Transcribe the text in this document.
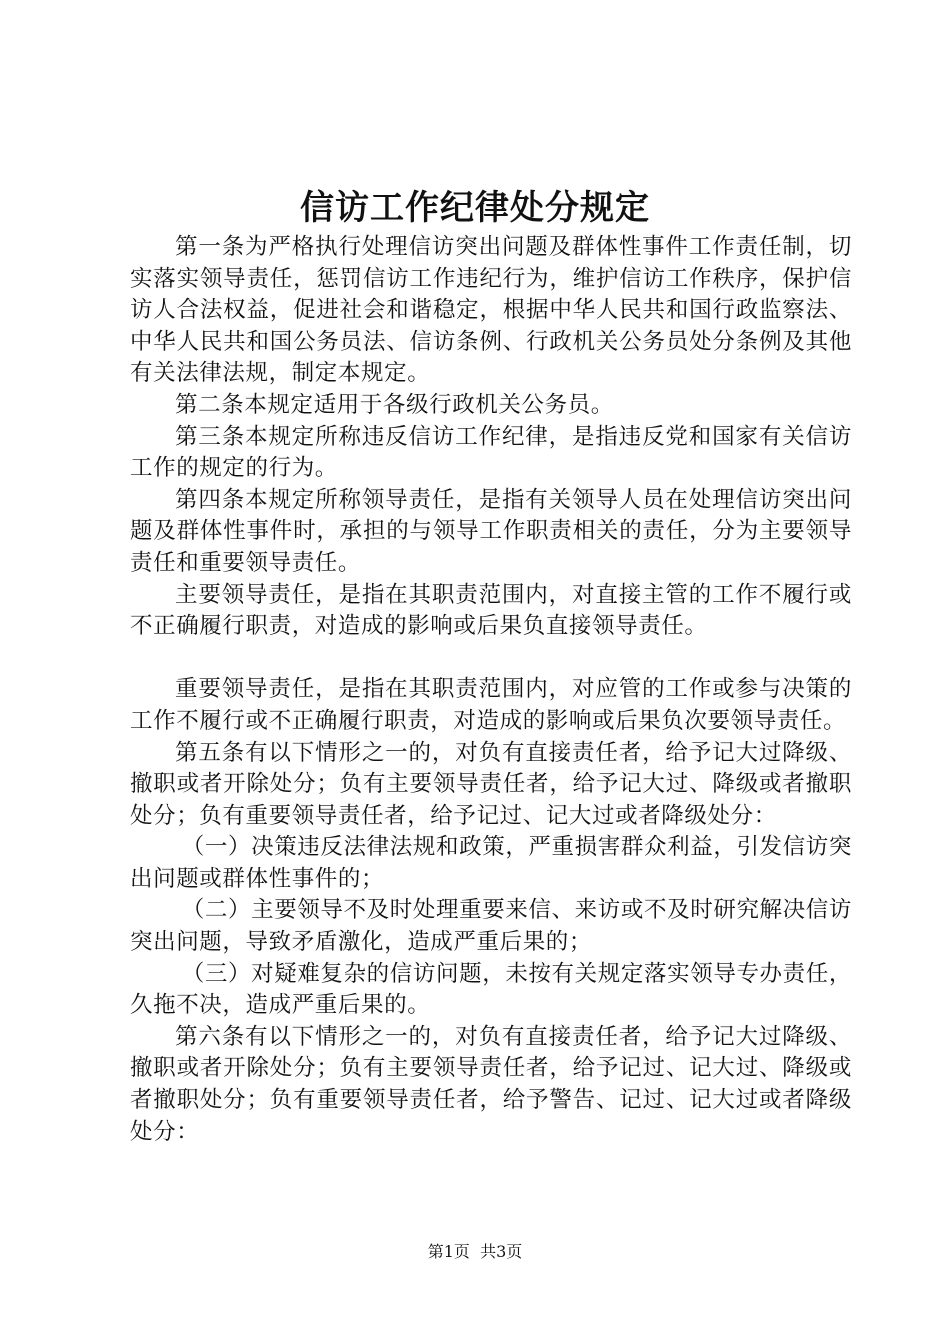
信访工作纪律处分规定

第一条为严格执行处理信访突出问题及群体性事件工作责任制，切实落实领导责任，惩罚信访工作违纪行为，维护信访工作秩序，保护信访人合法权益，促进社会和谐稳定，根据中华人民共和国行政监察法、中华人民共和国公务员法、信访条例、行政机关公务员处分条例及其他有关法律法规，制定本规定。

第二条本规定适用于各级行政机关公务员。

第三条本规定所称违反信访工作纪律，是指违反党和国家有关信访工作的规定的行为。

第四条本规定所称领导责任，是指有关领导人员在处理信访突出问题及群体性事件时，承担的与领导工作职责相关的责任，分为主要领导责任和重要领导责任。

主要领导责任，是指在其职责范围内，对直接主管的工作不履行或不正确履行职责，对造成的影响或后果负直接领导责任。

重要领导责任，是指在其职责范围内，对应管的工作或参与决策的工作不履行或不正确履行职责，对造成的影响或后果负次要领导责任。

第五条有以下情形之一的，对负有直接责任者，给予记大过降级、撤职或者开除处分；负有主要领导责任者，给予记大过、降级或者撤职处分；负有重要领导责任者，给予记过、记大过或者降级处分：

（一）决策违反法律法规和政策，严重损害群众利益，引发信访突出问题或群体性事件的；

（二）主要领导不及时处理重要来信、来访或不及时研究解决信访突出问题，导致矛盾激化，造成严重后果的；

（三）对疑难复杂的信访问题，未按有关规定落实领导专办责任，久拖不决，造成严重后果的。

第六条有以下情形之一的，对负有直接责任者，给予记大过降级、撤职或者开除处分；负有主要领导责任者，给予记过、记大过、降级或者撤职处分；负有重要领导责任者，给予警告、记过、记大过或者降级处分：

第1页 共3页
